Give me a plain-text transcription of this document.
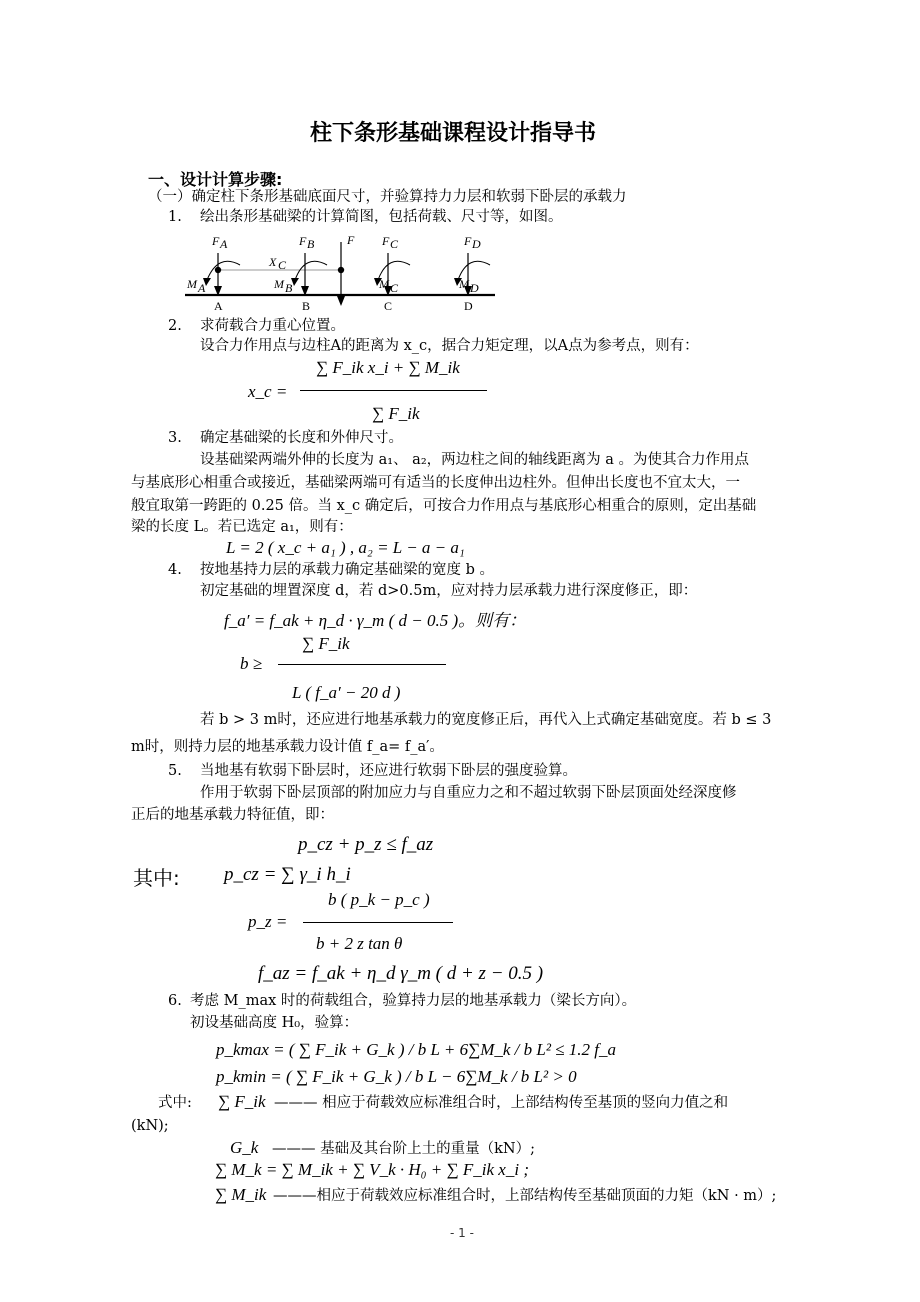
柱下条形基础课程设计指导书
一、设计计算步骤:
（一）确定柱下条形基础底面尺寸，并验算持力力层和软弱下卧层的承载力
1. 绘出条形基础梁的计算简图，包括荷载、尺寸等，如图。
X C
F A	F B	F F C	F D
M A	M B	M C	M D
A	B	C	D
2. 求荷载合力重心位置。
设合力作用点与边柱A的距离为 x_c，据合力矩定理，以A点为参考点，则有：
x_c =
∑ F_ik x_i + ∑ M_ik
∑ F_ik
3. 确定基础梁的长度和外伸尺寸。
设基础梁两端外伸的长度为 a₁、 a₂，两边柱之间的轴线距离为 a 。为使其合力作用点
与基底形心相重合或接近，基础梁两端可有适当的长度伸出边柱外。但伸出长度也不宜太大，一
般宜取第一跨距的 0.25 倍。当 x_c 确定后，可按合力作用点与基底形心相重合的原则，定出基础
梁的长度 L。若已选定 a₁，则有：
L = 2 ( x_c + a₁ ) , a₂ = L − a − a₁
4. 按地基持力层的承载力确定基础梁的宽度 b 。
初定基础的埋置深度 d，若 d>0.5m，应对持力层承载力进行深度修正，即：
f_a′ = f_ak + η_d · γ_m ( d − 0.5 )。则有：
∑ F_ik
b ≥
L ( f_a′ − 20 d )
若 b > 3 m时，还应进行地基承载力的宽度修正后，再代入上式确定基础宽度。若 b ≤ 3
m时，则持力层的地基承载力设计值 f_a= f_a′。
5. 当地基有软弱下卧层时，还应进行软弱下卧层的强度验算。
作用于软弱下卧层顶部的附加应力与自重应力之和不超过软弱下卧层顶面处经深度修
正后的地基承载力特征值，即：
p_cz + p_z ≤ f_az
其中: p_cz = ∑ γ_i h_i
b ( p_k − p_c )
p_z =
b + 2 z tan θ
f_az = f_ak + η_d γ_m ( d + z − 0.5 )
6. 考虑 M_max 时的荷载组合，验算持力层的地基承载力（梁长方向）。
初设基础高度 H₀，验算：
p_kmax = ( ∑ F_ik + G_k ) / b L + 6∑M_k / b L² ≤ 1.2 f_a
p_kmin = ( ∑ F_ik + G_k ) / b L − 6∑M_k / b L² > 0
式中: ∑ F_ik ——— 相应于荷载效应标准组合时，上部结构传至基顶的竖向力值之和
(kN);
G_k ——— 基础及其台阶上土的重量（kN）;
∑ M_k = ∑ M_ik + ∑ V_k · H₀ + ∑ F_ik x_i ;
∑ M_ik ———相应于荷载效应标准组合时，上部结构传至基础顶面的力矩（kN · m）;
- 1 -
